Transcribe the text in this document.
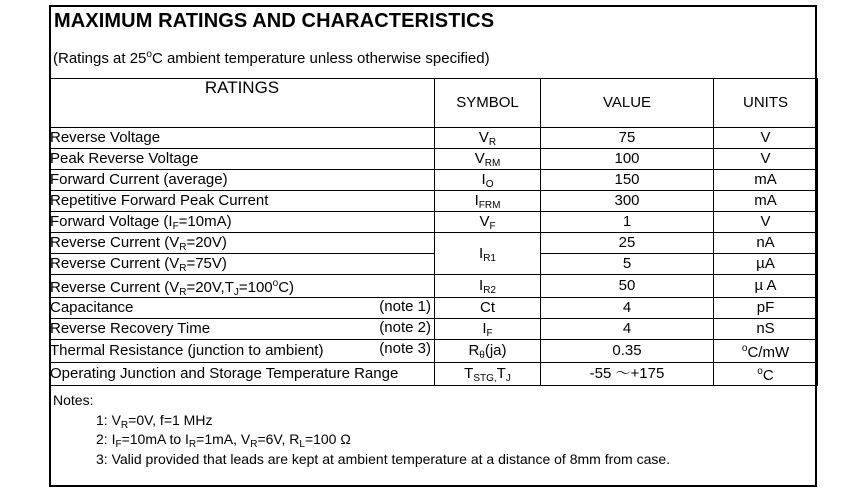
MAXIMUM RATINGS AND CHARACTERISTICS
(Ratings at 25$^o$C ambient temperature unless otherwise specified)
RATINGS	SYMBOL	VALUE	UNITS
Reverse Voltage	$V_R$	75	V
Peak Reverse Voltage	$V_{RM}$	100	V
Forward Current (average)	$I_O$	150	mA
Repetitive Forward Peak Current	$I_{FRM}$	300	mA
Forward Voltage $(I_F=10mA)$	$V_F$	1	V
Reverse Current $(V_R=20V)$	$I_{R1}$	25	nA
Reverse Current $(V_R=75V)$		5	µA
Reverse Current $(V_R=20V,T_J=100^oC)$	$I_{R2}$	50	µ A
Capacitance (note 1)	Ct	4	pF
Reverse Recovery Time (note 2)	$I_F$	4	nS
Thermal Resistance (junction to ambient) (note 3)	$R_\theta(ja)$	0.35	$^o$C/mW
Operating Junction and Storage Temperature Range	$T_{STG,}T_J$	-55 ～+175	$^o$C
Notes:
1: $V_R=0V$, f=1 MHz
2: $I_F=10mA$ to $I_R=1mA$, $V_R=6V$, $R_L=100$ Ω
3: Valid provided that leads are kept at ambient temperature at a distance of 8mm from case.
